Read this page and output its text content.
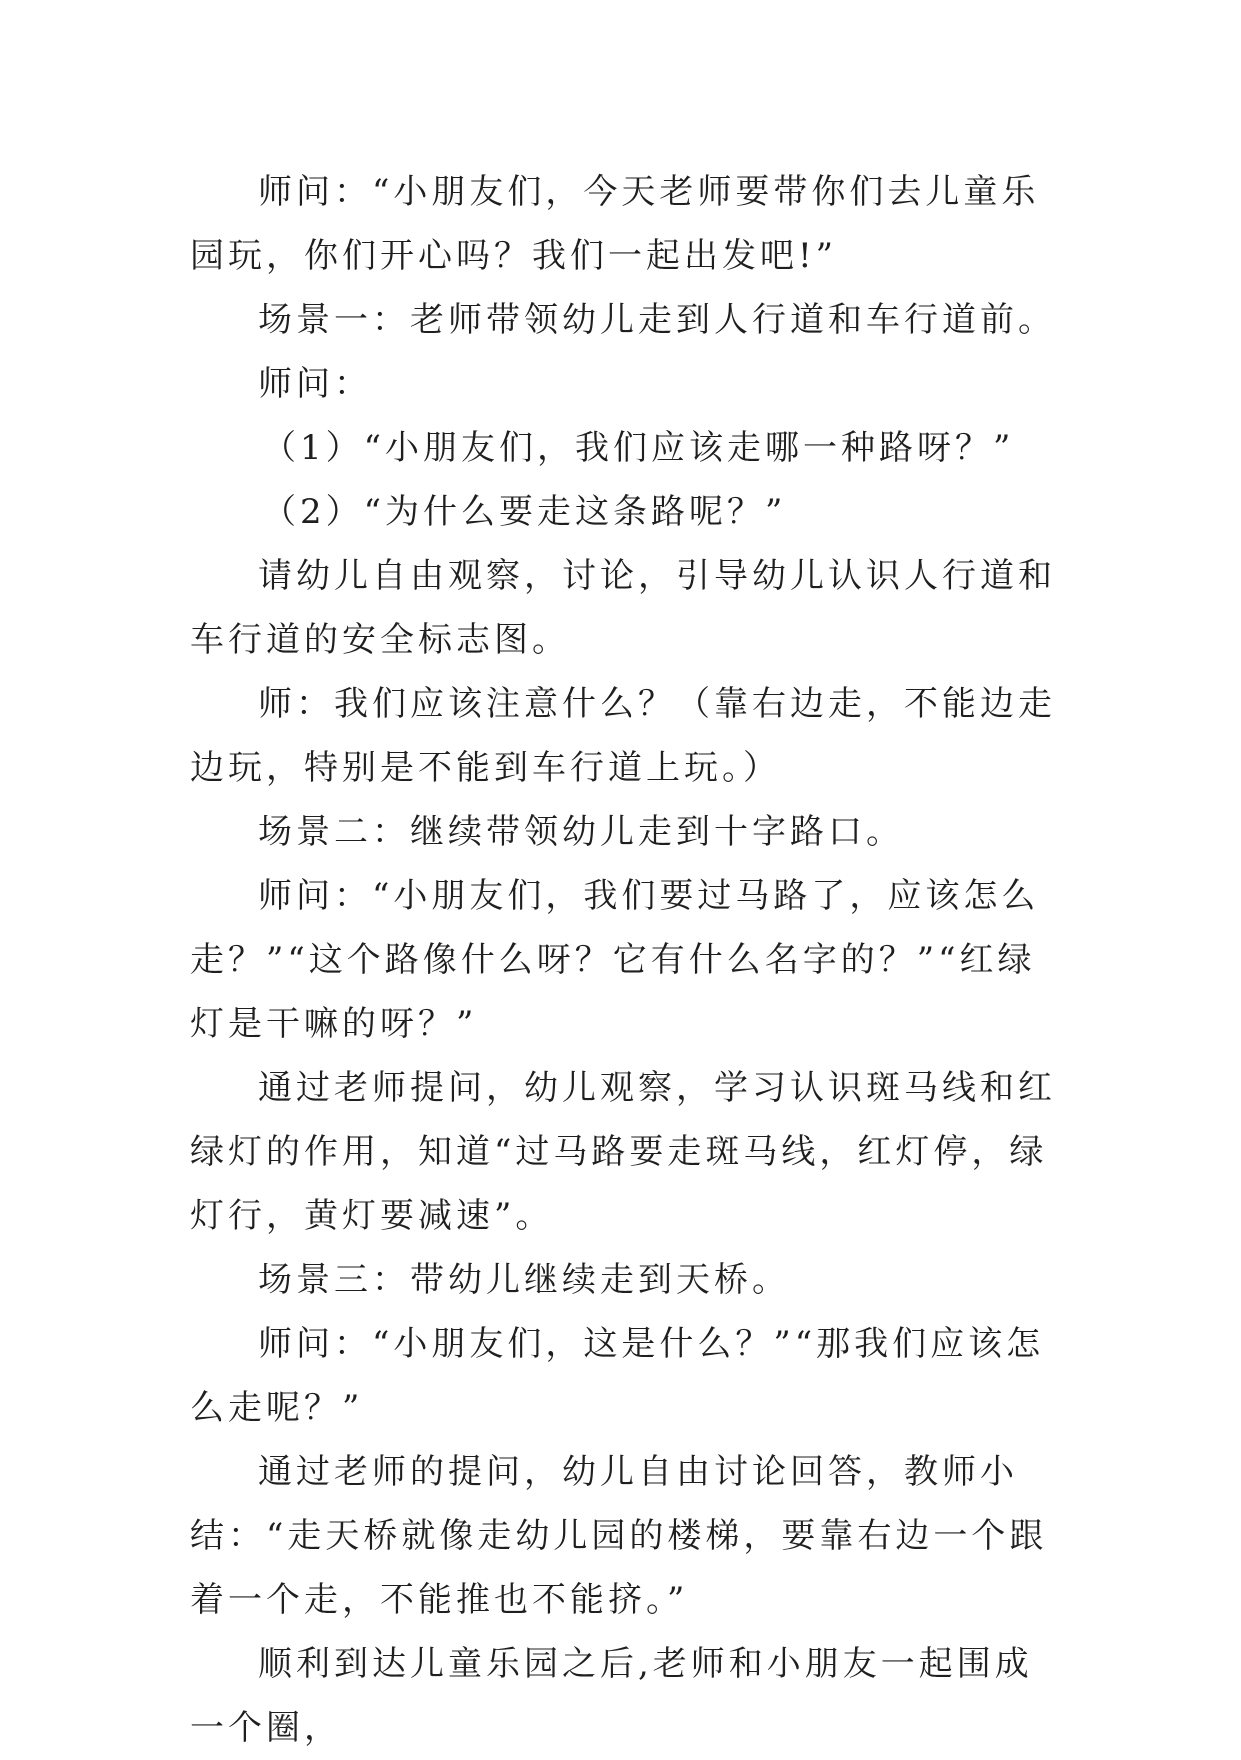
师问：“小朋友们，今天老师要带你们去儿童乐园玩，你们开心吗？我们一起出发吧!”

场景一：老师带领幼儿走到人行道和车行道前。

师问：

（1）“小朋友们，我们应该走哪一种路呀？”

（2）“为什么要走这条路呢？”

请幼儿自由观察，讨论，引导幼儿认识人行道和车行道的安全标志图。

师：我们应该注意什么？（靠右边走，不能边走边玩，特别是不能到车行道上玩。）

场景二：继续带领幼儿走到十字路口。

师问：“小朋友们，我们要过马路了，应该怎么走？”“这个路像什么呀？它有什么名字的？”“红绿灯是干嘛的呀？”

通过老师提问，幼儿观察，学习认识斑马线和红绿灯的作用，知道“过马路要走斑马线，红灯停，绿灯行，黄灯要减速”。

场景三：带幼儿继续走到天桥。

师问：“小朋友们，这是什么？”“那我们应该怎么走呢？”

通过老师的提问，幼儿自由讨论回答，教师小结：“走天桥就像走幼儿园的楼梯，要靠右边一个跟着一个走，不能推也不能挤。”

顺利到达儿童乐园之后,老师和小朋友一起围成一个圈，
